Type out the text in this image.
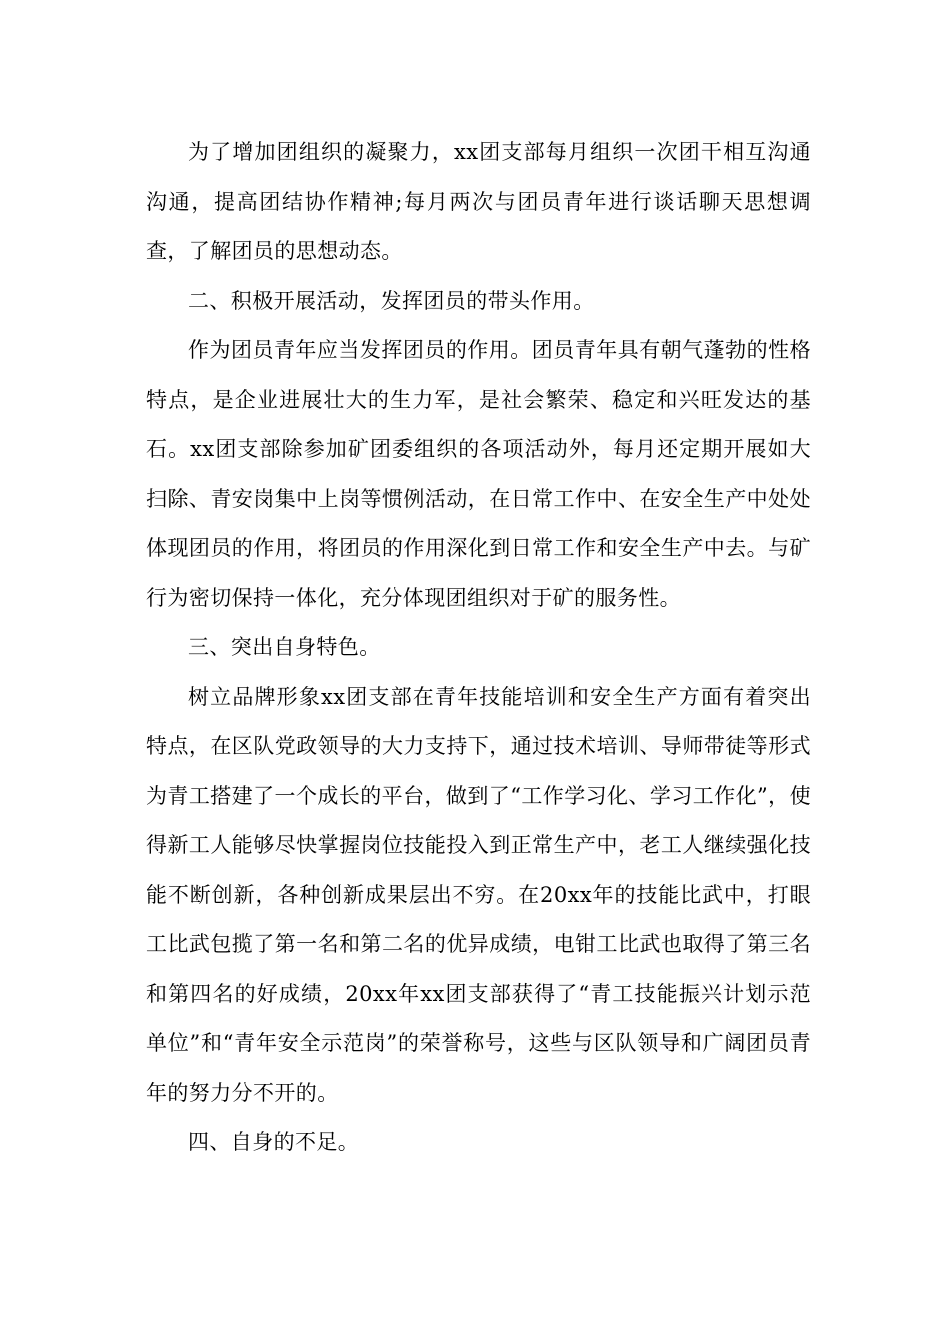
为了增加团组织的凝聚力，xx团支部每月组织一次团干相互沟通沟通，提高团结协作精神;每月两次与团员青年进行谈话聊天思想调查，了解团员的思想动态。

二、积极开展活动，发挥团员的带头作用。

作为团员青年应当发挥团员的作用。团员青年具有朝气蓬勃的性格特点，是企业进展壮大的生力军，是社会繁荣、稳定和兴旺发达的基石。xx团支部除参加矿团委组织的各项活动外，每月还定期开展如大扫除、青安岗集中上岗等惯例活动，在日常工作中、在安全生产中处处体现团员的作用，将团员的作用深化到日常工作和安全生产中去。与矿行为密切保持一体化，充分体现团组织对于矿的服务性。

三、突出自身特色。

树立品牌形象xx团支部在青年技能培训和安全生产方面有着突出特点，在区队党政领导的大力支持下，通过技术培训、导师带徒等形式为青工搭建了一个成长的平台，做到了“工作学习化、学习工作化”，使得新工人能够尽快掌握岗位技能投入到正常生产中，老工人继续强化技能不断创新，各种创新成果层出不穷。在20xx年的技能比武中，打眼工比武包揽了第一名和第二名的优异成绩，电钳工比武也取得了第三名和第四名的好成绩，20xx年xx团支部获得了“青工技能振兴计划示范单位”和“青年安全示范岗”的荣誉称号，这些与区队领导和广阔团员青年的努力分不开的。

四、自身的不足。
